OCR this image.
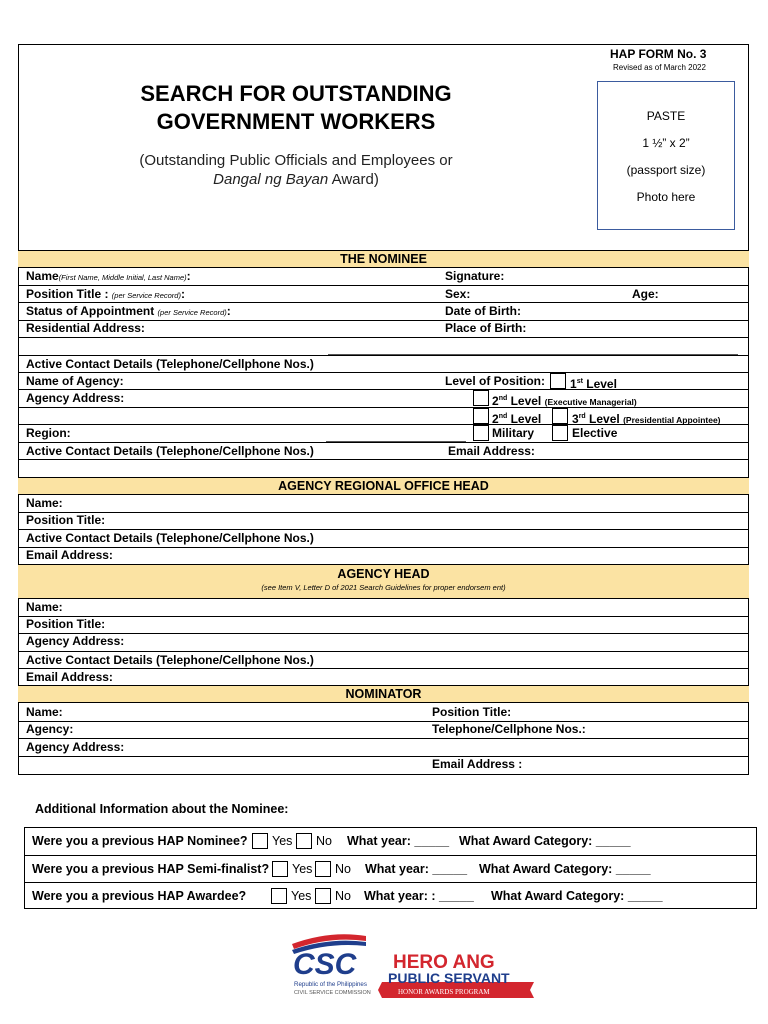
HAP FORM No. 3
Revised as of March 2022
SEARCH FOR OUTSTANDING
GOVERNMENT WORKERS
(Outstanding Public Officials and Employees or
Dangal ng Bayan Award)
PASTE
1 ½” x 2”
(passport size)
Photo here
THE NOMINEE
Name(First Name, Middle Initial, Last Name):	Signature:
Position Title : (per Service Record):	Sex:	Age:
Status of Appointment (per Service Record):	Date of Birth:
Residential Address:	Place of Birth:
Active Contact Details (Telephone/Cellphone Nos.)
Name of Agency:	Level of Position: 1st Level
Agency Address:	2nd Level (Executive Managerial)
2nd Level	3rd Level (Presidential Appointee)
Region:	Military	Elective
Active Contact Details (Telephone/Cellphone Nos.)	Email Address:
AGENCY REGIONAL OFFICE HEAD
Name:
Position Title:
Active Contact Details (Telephone/Cellphone Nos.)
Email Address:
AGENCY HEAD
(see Item V, Letter D of 2021 Search Guidelines for proper endorsem ent)
Name:
Position Title:
Agency Address:
Active Contact Details (Telephone/Cellphone Nos.)
Email Address:
NOMINATOR
Name:	Position Title:
Agency:	Telephone/Cellphone Nos.:
Agency Address:
Email Address :
Additional Information about the Nominee:
Were you a previous HAP Nominee? Yes No What year: _____ What Award Category: _____
Were you a previous HAP Semi-finalist? Yes No What year: _____ What Award Category: _____
Were you a previous HAP Awardee?	Yes No What year: : _____ What Award Category: _____
CSC
Republic of the Philippines
CIVIL SERVICE COMMISSION
HERO ANG
PUBLIC SERVANT
HONOR AWARDS PROGRAM
